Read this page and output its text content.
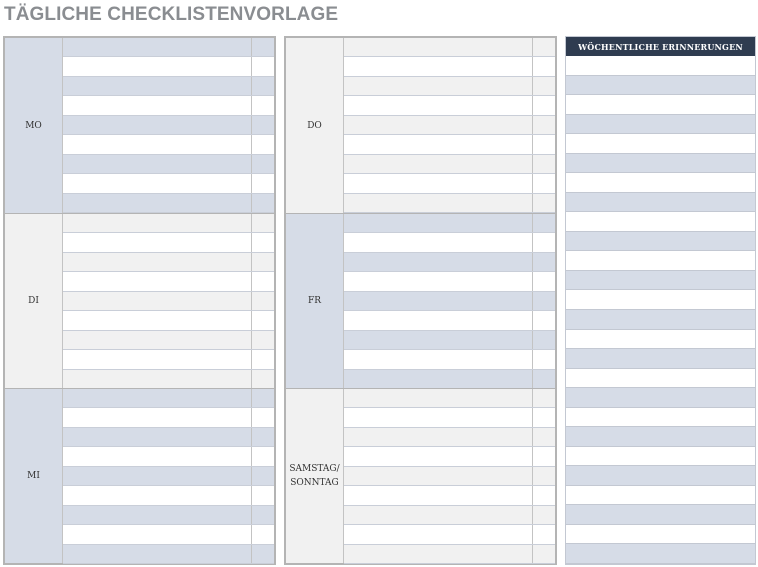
TÄGLICHE CHECKLISTENVORLAGE
MO
DI
MI
DO
FR
SAMSTAG/
SONNTAG
WÖCHENTLICHE ERINNERUNGEN
